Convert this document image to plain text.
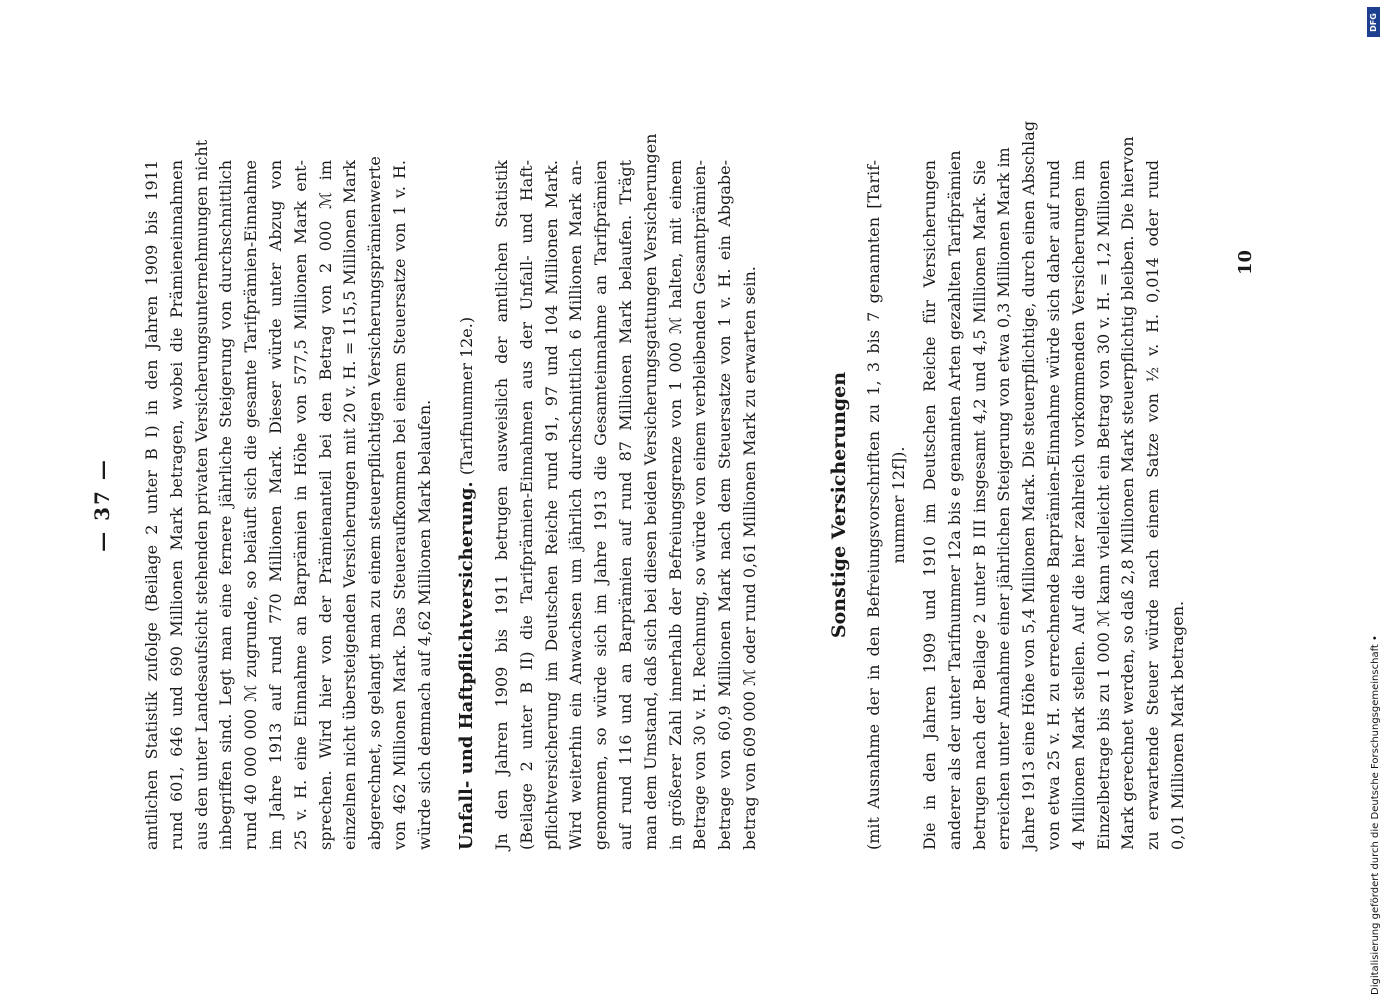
— 37 — amtlichen Statistik zufolge (Beilage 2 unter B I) in den Jahren 1909 bis 1911 rund 601, 646 und 690 Millionen Mark betragen, wobei die Prämieneinnahmen aus den unter Landesaufsicht stehenden privaten Versicherungsunternehmungen nicht inbegriffen sind. Legt man eine fernere jährliche Steigerung von durchschnittlich rund 40 000 000 ℳ zugrunde, so beläuft sich die gesamte Tarifprämien-Einnahme im Jahre 1913 auf rund 770 Millionen Mark. Dieser würde unter Abzug von 25 v. H. eine Einnahme an Barprämien in Höhe von 577,5 Millionen Mark ent- sprechen. Wird hier von der Prämienanteil bei den Betrag von 2 000 ℳ im einzelnen nicht übersteigenden Versicherungen mit 20 v. H. = 115,5 Millionen Mark abgerechnet, so gelangt man zu einem steuerpflichtigen Versicherungsprämienwerte von 462 Millionen Mark. Das Steueraufkommen bei einem Steuersatze von 1 v. H. würde sich demnach auf 4,62 Millionen Mark belaufen. Unfall- und Haftpflichtversicherung. (Tarifnummer 12e.) Jn den Jahren 1909 bis 1911 betrugen ausweislich der amtlichen Statistik (Beilage 2 unter B II) die Tarifprämien-Einnahmen aus der Unfall- und Haft- pflichtversicherung im Deutschen Reiche rund 91, 97 und 104 Millionen Mark. Wird weiterhin ein Anwachsen um jährlich durchschnittlich 6 Millionen Mark an- genommen, so würde sich im Jahre 1913 die Gesamteinnahme an Tarifprämien auf rund 116 und an Barprämien auf rund 87 Millionen Mark belaufen. Trägt man dem Umstand, daß sich bei diesen beiden Versicherungsgattungen Versicherungen in größerer Zahl innerhalb der Befreiungsgrenze von 1 000 ℳ halten, mit einem Betrage von 30 v. H. Rechnung, so würde von einem verbleibenden Gesamtprämien- betrage von 60,9 Millionen Mark nach dem Steuersatze von 1 v. H. ein Abgabe- betrag von 609 000 ℳ oder rund 0,61 Millionen Mark zu erwarten sein.	Sonstige Versicherungen (mit Ausnahme der in den Befreiungsvorschriften zu 1, 3 bis 7 genannten [Tarif- nummer 12f]). Die in den Jahren 1909 und 1910 im Deutschen Reiche für Versicherungen anderer als der unter Tarifnummer 12a bis e genannten Arten gezahlten Tarifprämien betrugen nach der Beilage 2 unter B III insgesamt 4,2 und 4,5 Millionen Mark. Sie erreichen unter Annahme einer jährlichen Steigerung von etwa 0,3 Millionen Mark im Jahre 1913 eine Höhe von 5,4 Millionen Mark. Die steuerpflichtige, durch einen Abschlag von etwa 25 v. H. zu errechnende Barprämien-Einnahme würde sich daher auf rund 4 Millionen Mark stellen. Auf die hier zahlreich vorkommenden Versicherungen im Einzelbetrage bis zu 1 000 ℳ kann vielleicht ein Betrag von 30 v. H. = 1,2 Millionen Mark gerechnet werden, so daß 2,8 Millionen Mark steuerpflichtig bleiben. Die hiervon zu erwartende Steuer würde nach einem Satze von ½ v. H. 0,014 oder rund 0,01 Millionen Mark betragen.
10
Digitalisierung gefördert durch die Deutsche Forschungsgemeinschaft •
DFG
